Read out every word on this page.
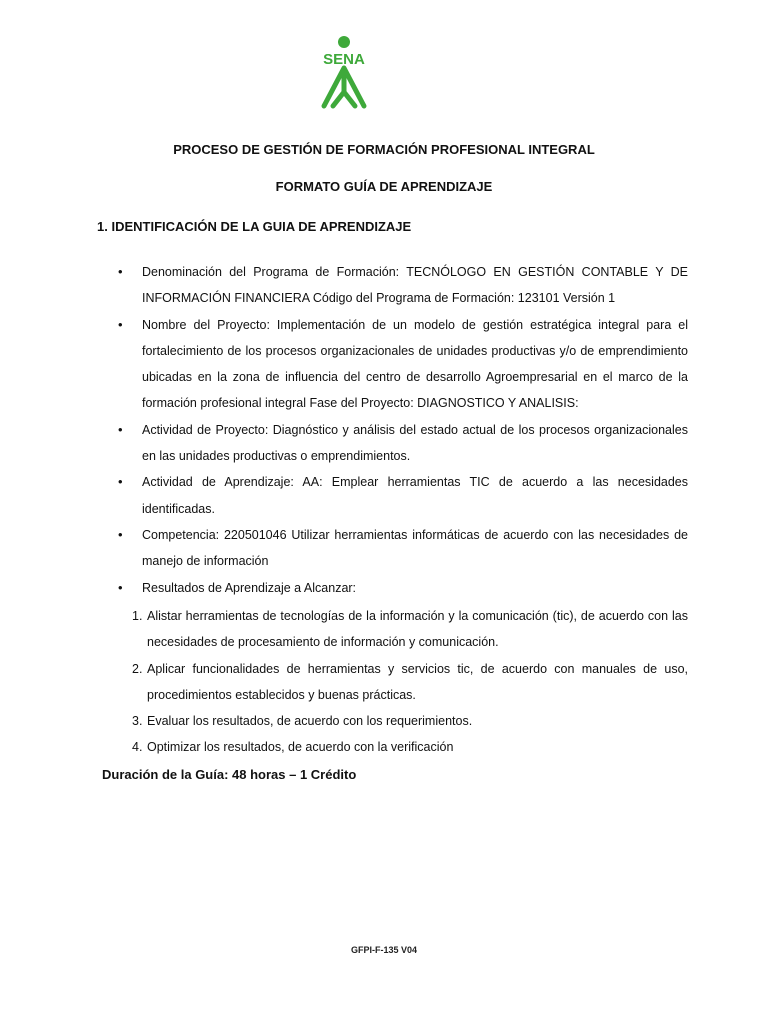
SENA
PROCESO DE GESTIÓN DE FORMACIÓN PROFESIONAL INTEGRAL
FORMATO GUÍA DE APRENDIZAJE
1. IDENTIFICACIÓN DE LA GUIA DE APRENDIZAJE
• Denominación del Programa de Formación: TECNÓLOGO EN GESTIÓN CONTABLE Y DE INFORMACIÓN FINANCIERA Código del Programa de Formación: 123101 Versión 1
• Nombre del Proyecto: Implementación de un modelo de gestión estratégica integral para el fortalecimiento de los procesos organizacionales de unidades productivas y/o de emprendimiento ubicadas en la zona de influencia del centro de desarrollo Agroempresarial en el marco de la formación profesional integral Fase del Proyecto: DIAGNOSTICO Y ANALISIS:
• Actividad de Proyecto: Diagnóstico y análisis del estado actual de los procesos organizacionales en las unidades productivas o emprendimientos.
• Actividad de Aprendizaje: AA: Emplear herramientas TIC de acuerdo a las necesidades identificadas.
• Competencia: 220501046 Utilizar herramientas informáticas de acuerdo con las necesidades de manejo de información
• Resultados de Aprendizaje a Alcanzar:
1. Alistar herramientas de tecnologías de la información y la comunicación (tic), de acuerdo con las necesidades de procesamiento de información y comunicación.
2. Aplicar funcionalidades de herramientas y servicios tic, de acuerdo con manuales de uso, procedimientos establecidos y buenas prácticas.
3. Evaluar los resultados, de acuerdo con los requerimientos.
4. Optimizar los resultados, de acuerdo con la verificación
Duración de la Guía: 48 horas – 1 Crédito
GFPI-F-135 V04
